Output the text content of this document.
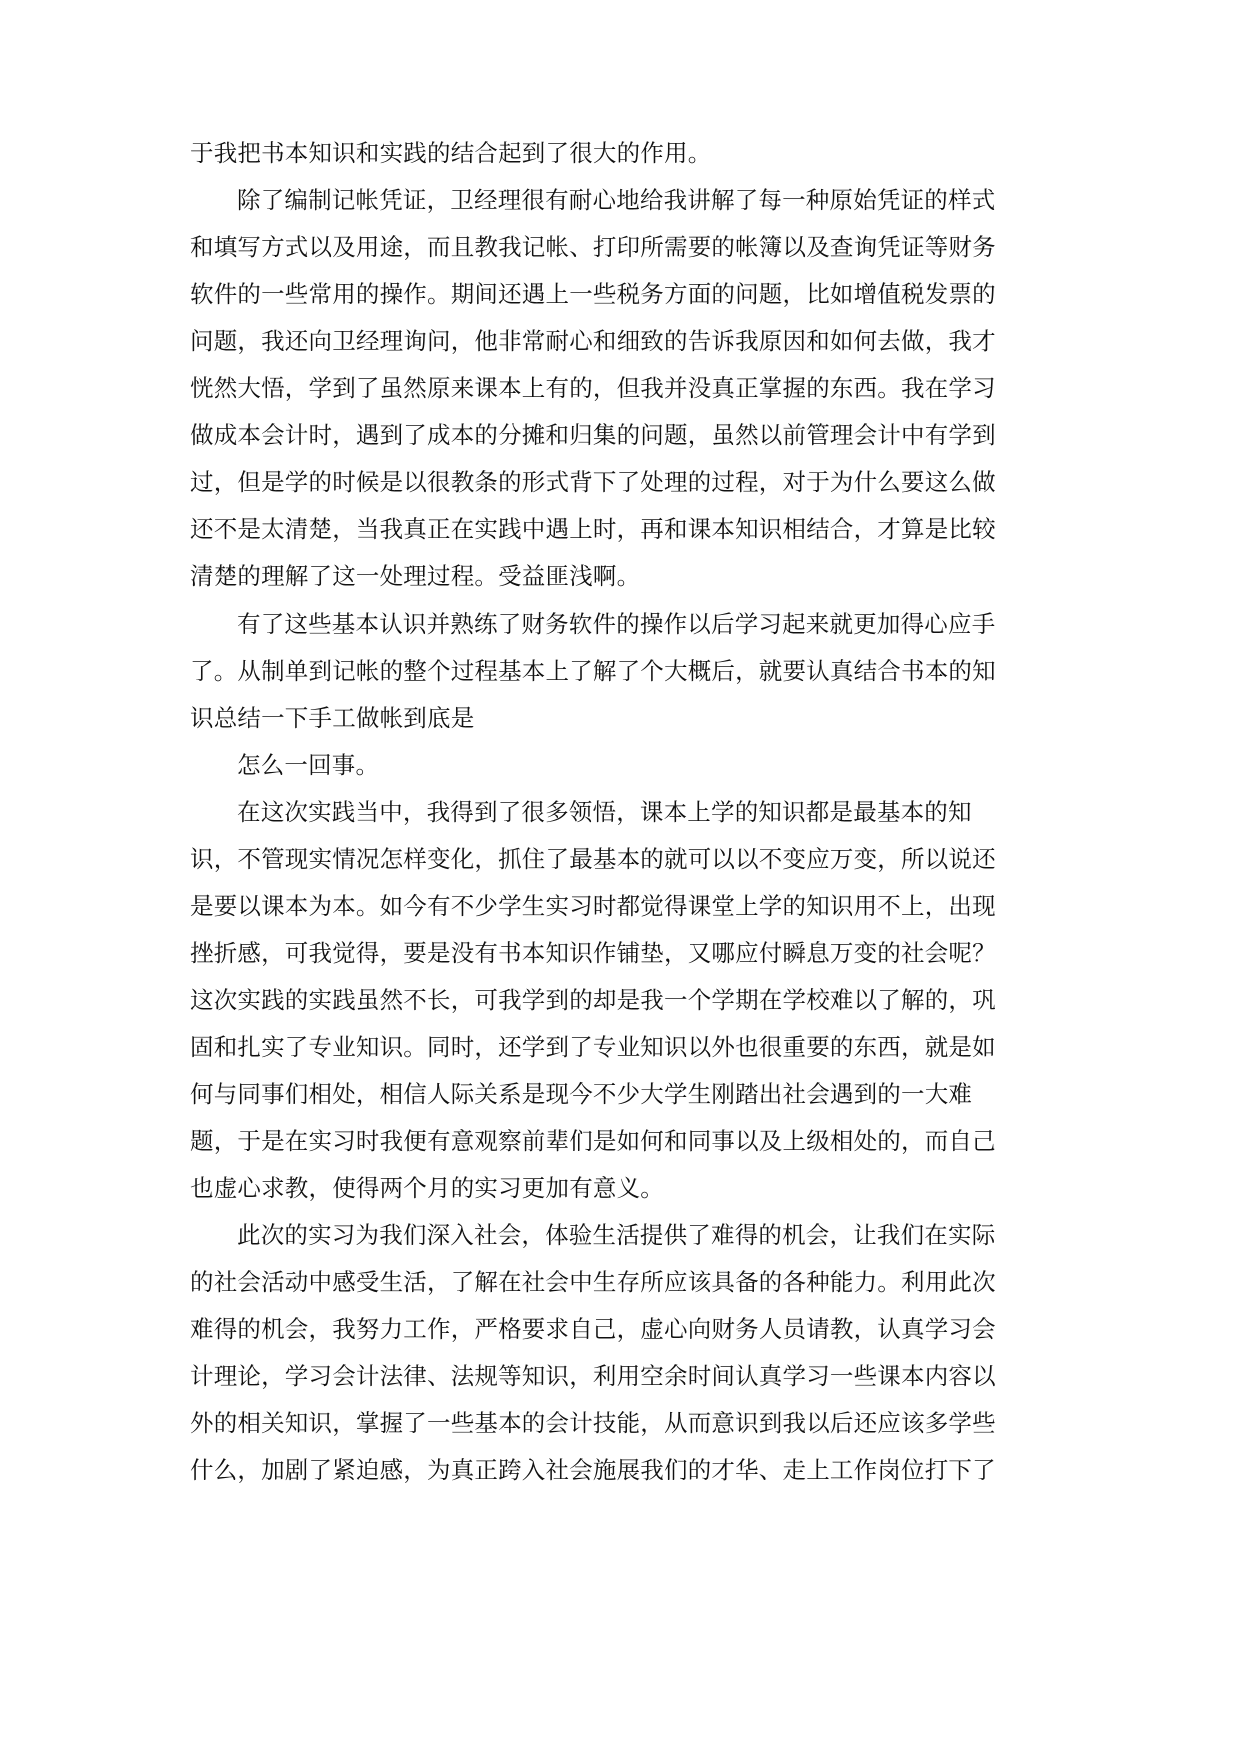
于我把书本知识和实践的结合起到了很大的作用。
除了编制记帐凭证，卫经理很有耐心地给我讲解了每一种原始凭证的样式
和填写方式以及用途，而且教我记帐、打印所需要的帐簿以及查询凭证等财务
软件的一些常用的操作。期间还遇上一些税务方面的问题，比如增值税发票的
问题，我还向卫经理询问，他非常耐心和细致的告诉我原因和如何去做，我才
恍然大悟，学到了虽然原来课本上有的，但我并没真正掌握的东西。我在学习
做成本会计时，遇到了成本的分摊和归集的问题，虽然以前管理会计中有学到
过，但是学的时候是以很教条的形式背下了处理的过程，对于为什么要这么做
还不是太清楚，当我真正在实践中遇上时，再和课本知识相结合，才算是比较
清楚的理解了这一处理过程。受益匪浅啊。
有了这些基本认识并熟练了财务软件的操作以后学习起来就更加得心应手
了。从制单到记帐的整个过程基本上了解了个大概后，就要认真结合书本的知
识总结一下手工做帐到底是
怎么一回事。
在这次实践当中，我得到了很多领悟，课本上学的知识都是最基本的知
识，不管现实情况怎样变化，抓住了最基本的就可以以不变应万变，所以说还
是要以课本为本。如今有不少学生实习时都觉得课堂上学的知识用不上，出现
挫折感，可我觉得，要是没有书本知识作铺垫，又哪应付瞬息万变的社会呢？
这次实践的实践虽然不长，可我学到的却是我一个学期在学校难以了解的，巩
固和扎实了专业知识。同时，还学到了专业知识以外也很重要的东西，就是如
何与同事们相处，相信人际关系是现今不少大学生刚踏出社会遇到的一大难
题，于是在实习时我便有意观察前辈们是如何和同事以及上级相处的，而自己
也虚心求教，使得两个月的实习更加有意义。
此次的实习为我们深入社会，体验生活提供了难得的机会，让我们在实际
的社会活动中感受生活，了解在社会中生存所应该具备的各种能力。利用此次
难得的机会，我努力工作，严格要求自己，虚心向财务人员请教，认真学习会
计理论，学习会计法律、法规等知识，利用空余时间认真学习一些课本内容以
外的相关知识，掌握了一些基本的会计技能，从而意识到我以后还应该多学些
什么，加剧了紧迫感，为真正跨入社会施展我们的才华、走上工作岗位打下了
